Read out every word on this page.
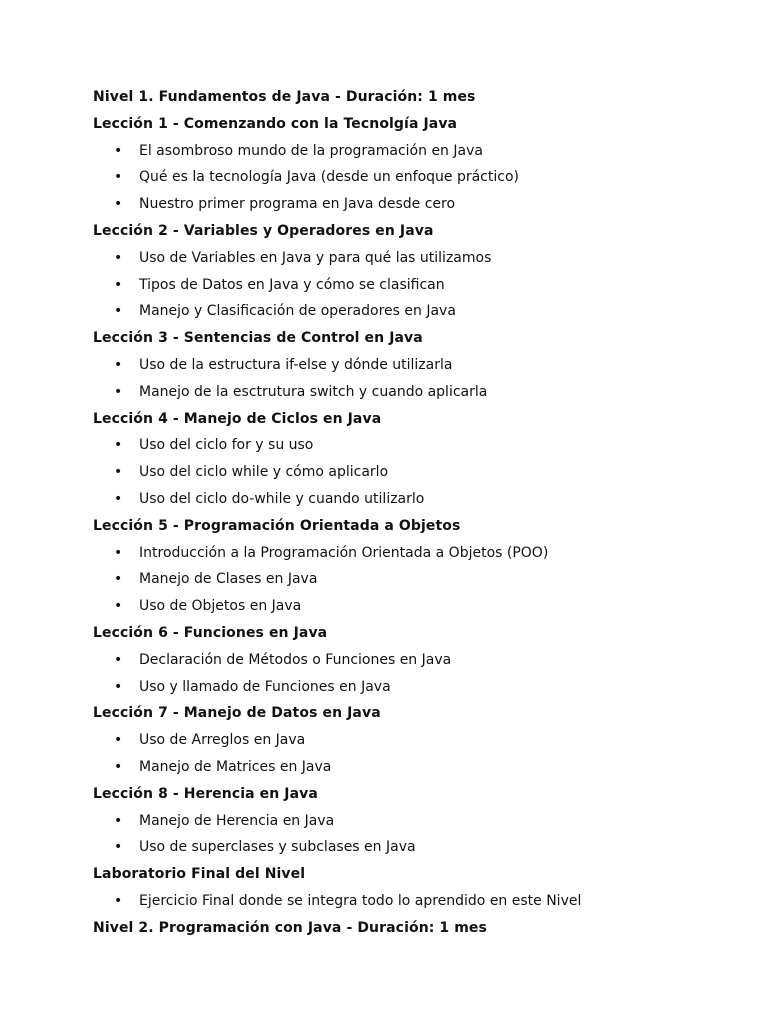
Nivel 1. Fundamentos de Java - Duración: 1 mes
Lección 1 - Comenzando con la Tecnolgía Java
• El asombroso mundo de la programación en Java
• Qué es la tecnología Java (desde un enfoque práctico)
• Nuestro primer programa en Java desde cero
Lección 2 - Variables y Operadores en Java
• Uso de Variables en Java y para qué las utilizamos
• Tipos de Datos en Java y cómo se clasifican
• Manejo y Clasificación de operadores en Java
Lección 3 - Sentencias de Control en Java
• Uso de la estructura if-else y dónde utilizarla
• Manejo de la esctrutura switch y cuando aplicarla
Lección 4 - Manejo de Ciclos en Java
• Uso del ciclo for y su uso
• Uso del ciclo while y cómo aplicarlo
• Uso del ciclo do-while y cuando utilizarlo
Lección 5 - Programación Orientada a Objetos
• Introducción a la Programación Orientada a Objetos (POO)
• Manejo de Clases en Java
• Uso de Objetos en Java
Lección 6 - Funciones en Java
• Declaración de Métodos o Funciones en Java
• Uso y llamado de Funciones en Java
Lección 7 - Manejo de Datos en Java
• Uso de Arreglos en Java
• Manejo de Matrices en Java
Lección 8 - Herencia en Java
• Manejo de Herencia en Java
• Uso de superclases y subclases en Java
Laboratorio Final del Nivel
• Ejercicio Final donde se integra todo lo aprendido en este Nivel
Nivel 2. Programación con Java - Duración: 1 mes
